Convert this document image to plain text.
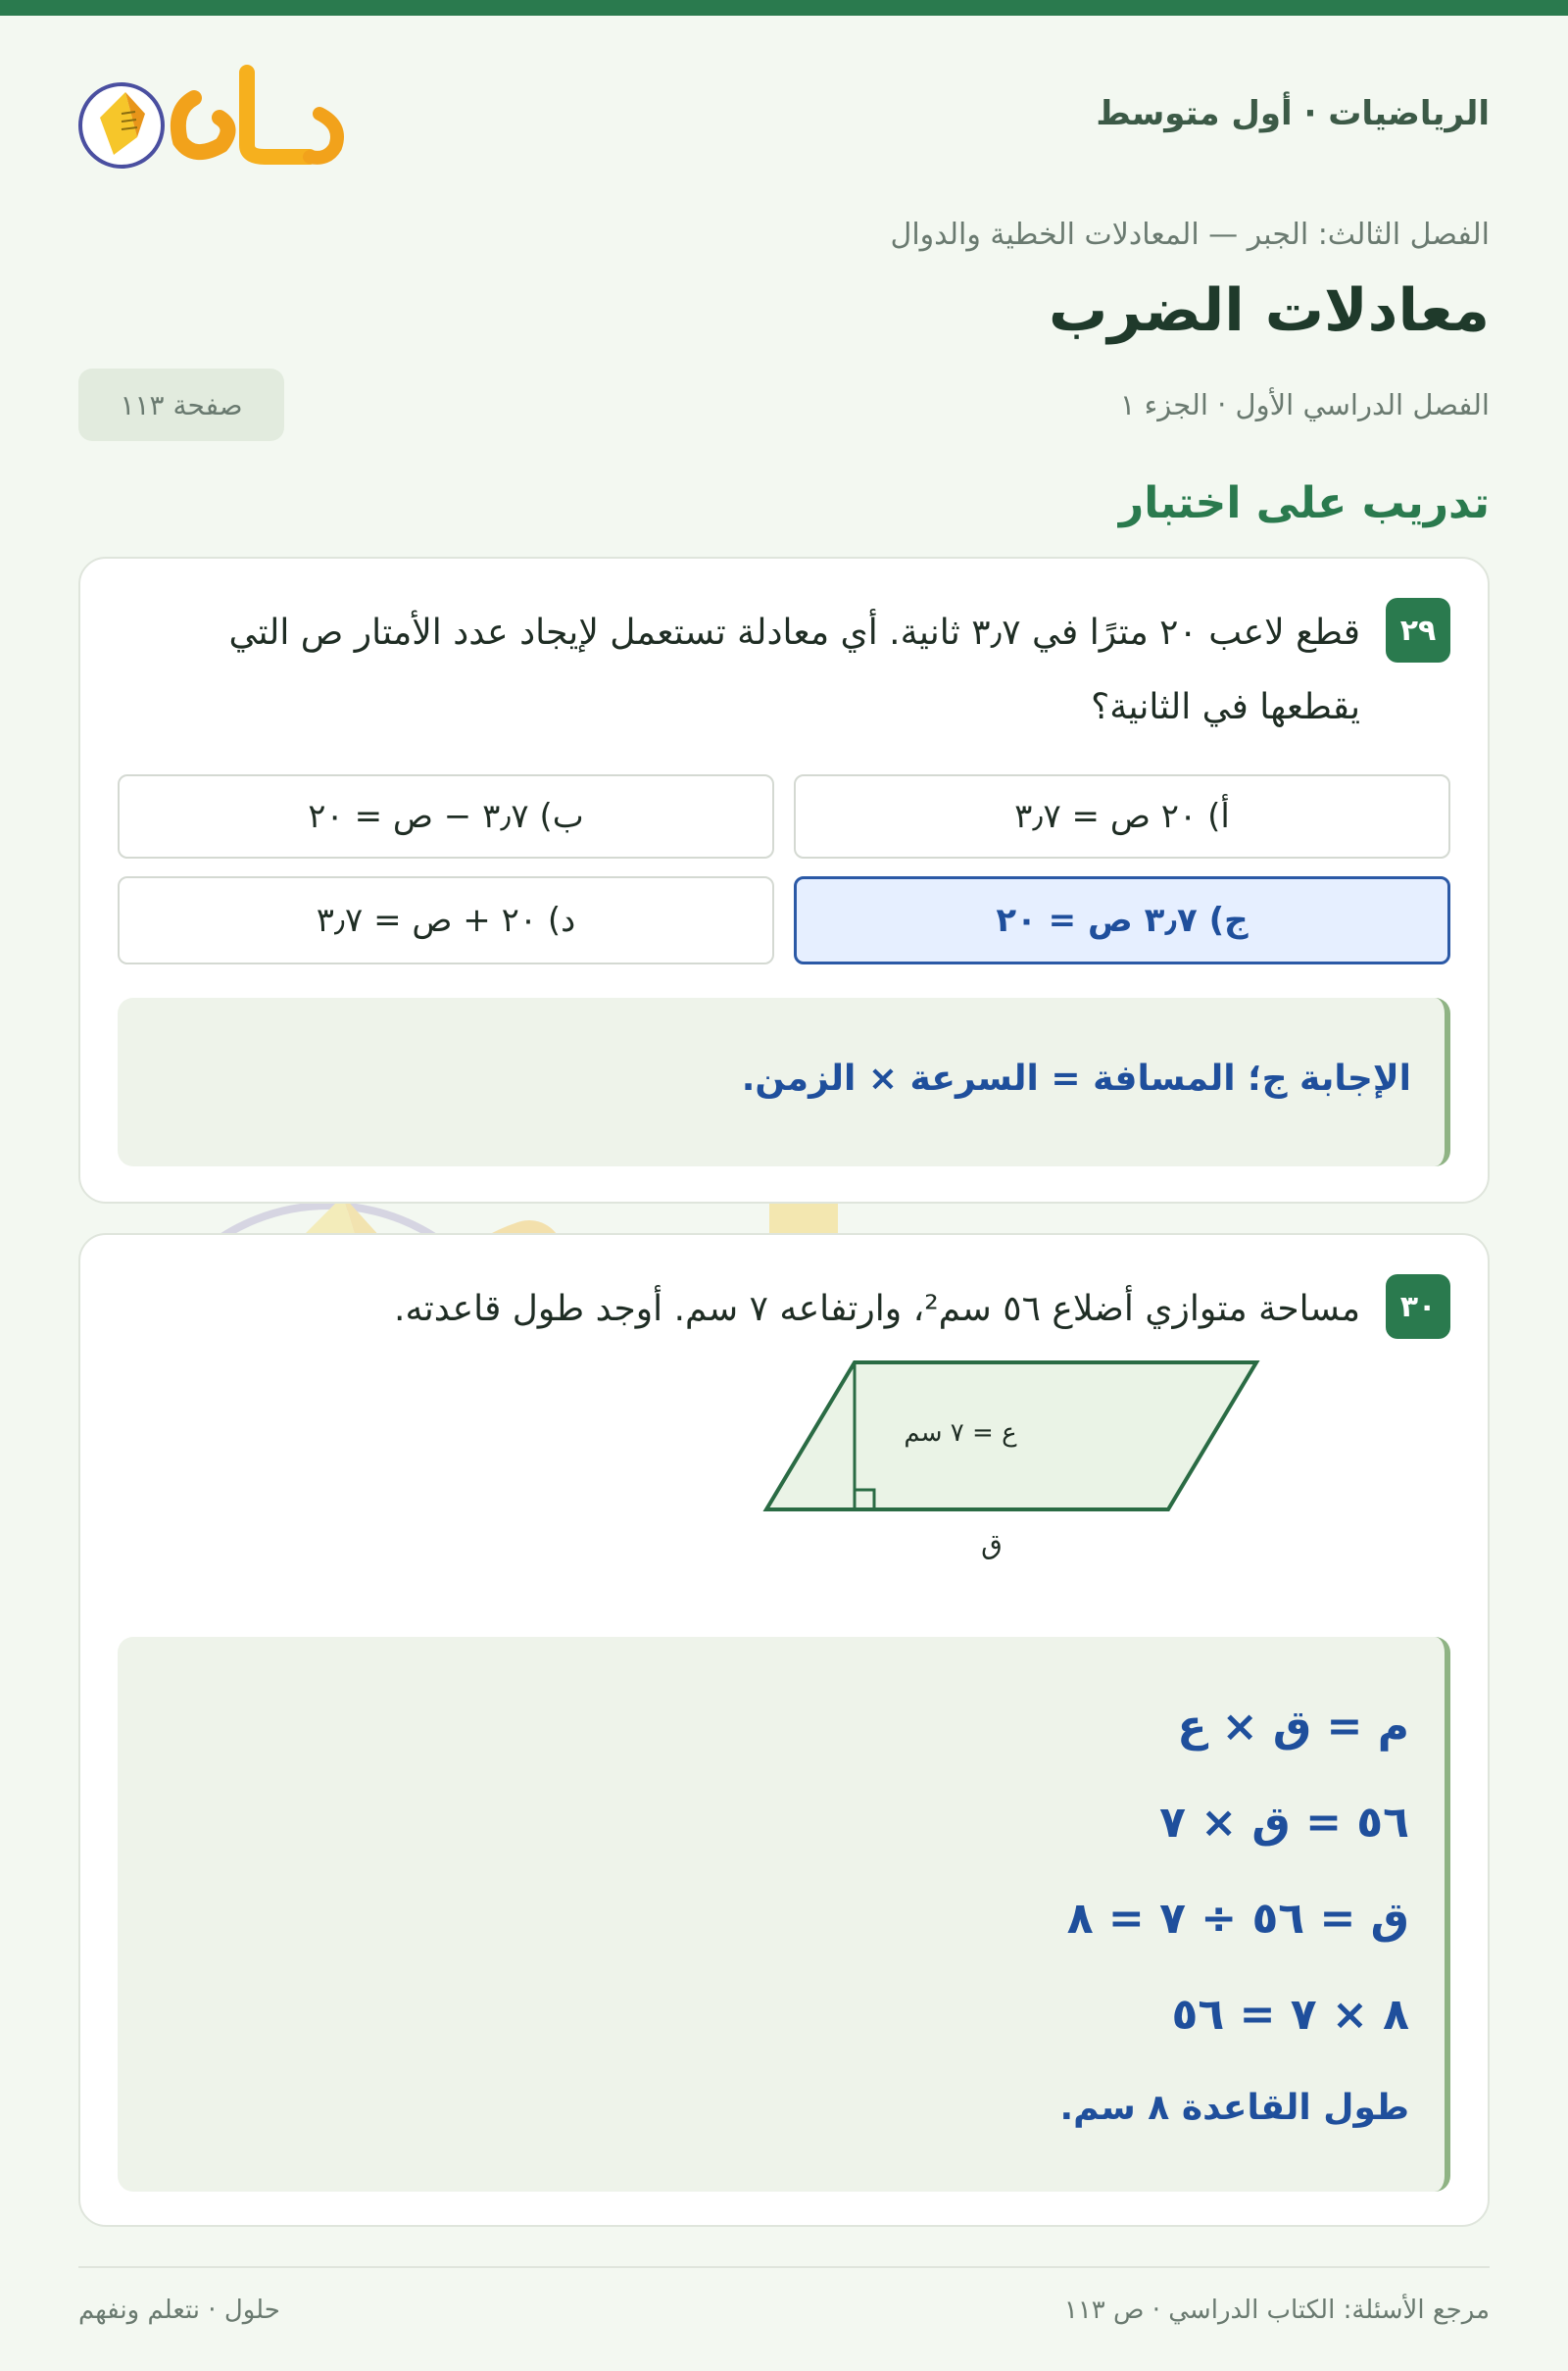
حلول
الرياضيات · أول متوسط
الفصل الثالث: الجبر — المعادلات الخطية والدوال
معادلات الضرب
الفصل الدراسي الأول · الجزء ١
صفحة ١١٣
تدريب على اختبار
٢٩

قطع لاعب ٢٠ مترًا في ٣٫٧ ثانية. أي معادلة تستعمل لإيجاد عدد الأمتار ص التي يقطعها في الثانية؟

أ) ٢٠ ص = ٣٫٧
ب) ٣٫٧ − ص = ٢٠
ج) ٣٫٧ ص = ٢٠
د) ٢٠ + ص = ٣٫٧
الإجابة ج؛ المسافة = السرعة × الزمن.
٣٠

مساحة متوازي أضلاع ٥٦ سم²، وارتفاعه ٧ سم. أوجد طول قاعدته.

ع = ٧ سم
ق
م = ق × ع
٥٦ = ق × ٧
ق = ٥٦ ÷ ٧ = ٨
٨ × ٧ = ٥٦
طول القاعدة ٨ سم.
مرجع الأسئلة: الكتاب الدراسي · ص ١١٣
حلول · نتعلم ونفهم
